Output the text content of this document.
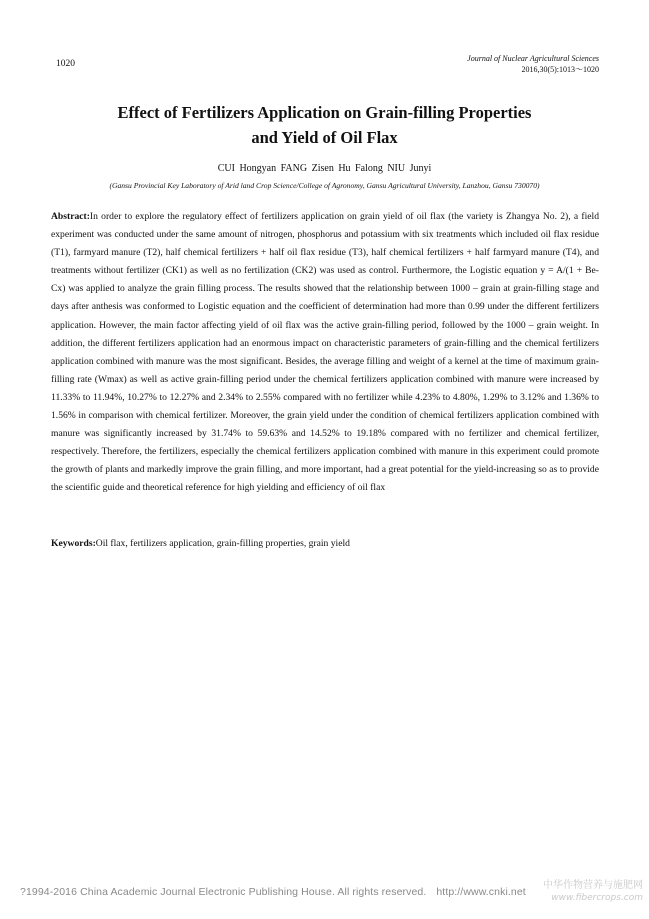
1020
Journal of Nuclear Agricultural Sciences
2016,30(5):1013～1020
Effect of Fertilizers Application on Grain-filling Properties
and Yield of Oil Flax
CUI Hongyan FANG Zisen Hu Falong NIU Junyi
(Gansu Provincial Key Laboratory of Arid land Crop Science/College of Agronomy, Gansu Agricultural University, Lanzhou, Gansu 730070)
Abstract:In order to explore the regulatory effect of fertilizers application on grain yield of oil flax (the variety is Zhangya No. 2), a field experiment was conducted under the same amount of nitrogen, phosphorus and potassium with six treatments which included oil flax residue (T1), farmyard manure (T2), half chemical fertilizers + half oil flax residue (T3), half chemical fertilizers + half farmyard manure (T4), and treatments without fertilizer (CK1) as well as no fertilization (CK2) was used as control. Furthermore, the Logistic equation y = A/(1 + Be-Cx) was applied to analyze the grain filling process. The results showed that the relationship between 1000 – grain at grain-filling stage and days after anthesis was conformed to Logistic equation and the coefficient of determination had more than 0.99 under the different fertilizers application. However, the main factor affecting yield of oil flax was the active grain-filling period, followed by the 1000 – grain weight. In addition, the different fertilizers application had an enormous impact on characteristic parameters of grain-filling and the chemical fertilizers application combined with manure was the most significant. Besides, the average filling and weight of a kernel at the time of maximum grain-filling rate (Wmax) as well as active grain-filling period under the chemical fertilizers application combined with manure were increased by 11.33% to 11.94%, 10.27% to 12.27% and 2.34% to 2.55% compared with no fertilizer while 4.23% to 4.80%, 1.29% to 3.12% and 1.36% to 1.56% in comparison with chemical fertilizer. Moreover, the grain yield under the condition of chemical fertilizers application combined with manure was significantly increased by 31.74% to 59.63% and 14.52% to 19.18% compared with no fertilizer and chemical fertilizer, respectively. Therefore, the fertilizers, especially the chemical fertilizers application combined with manure in this experiment could promote the growth of plants and markedly improve the grain filling, and more important, had a great potential for the yield-increasing so as to provide the scientific guide and theoretical reference for high yielding and efficiency of oil flax
Keywords:Oil flax, fertilizers application, grain-filling properties, grain yield
?1994-2016 China Academic Journal Electronic Publishing House. All rights reserved. http://www.cnki.net
中华作物营养与施肥网
www.fibercrops.com
